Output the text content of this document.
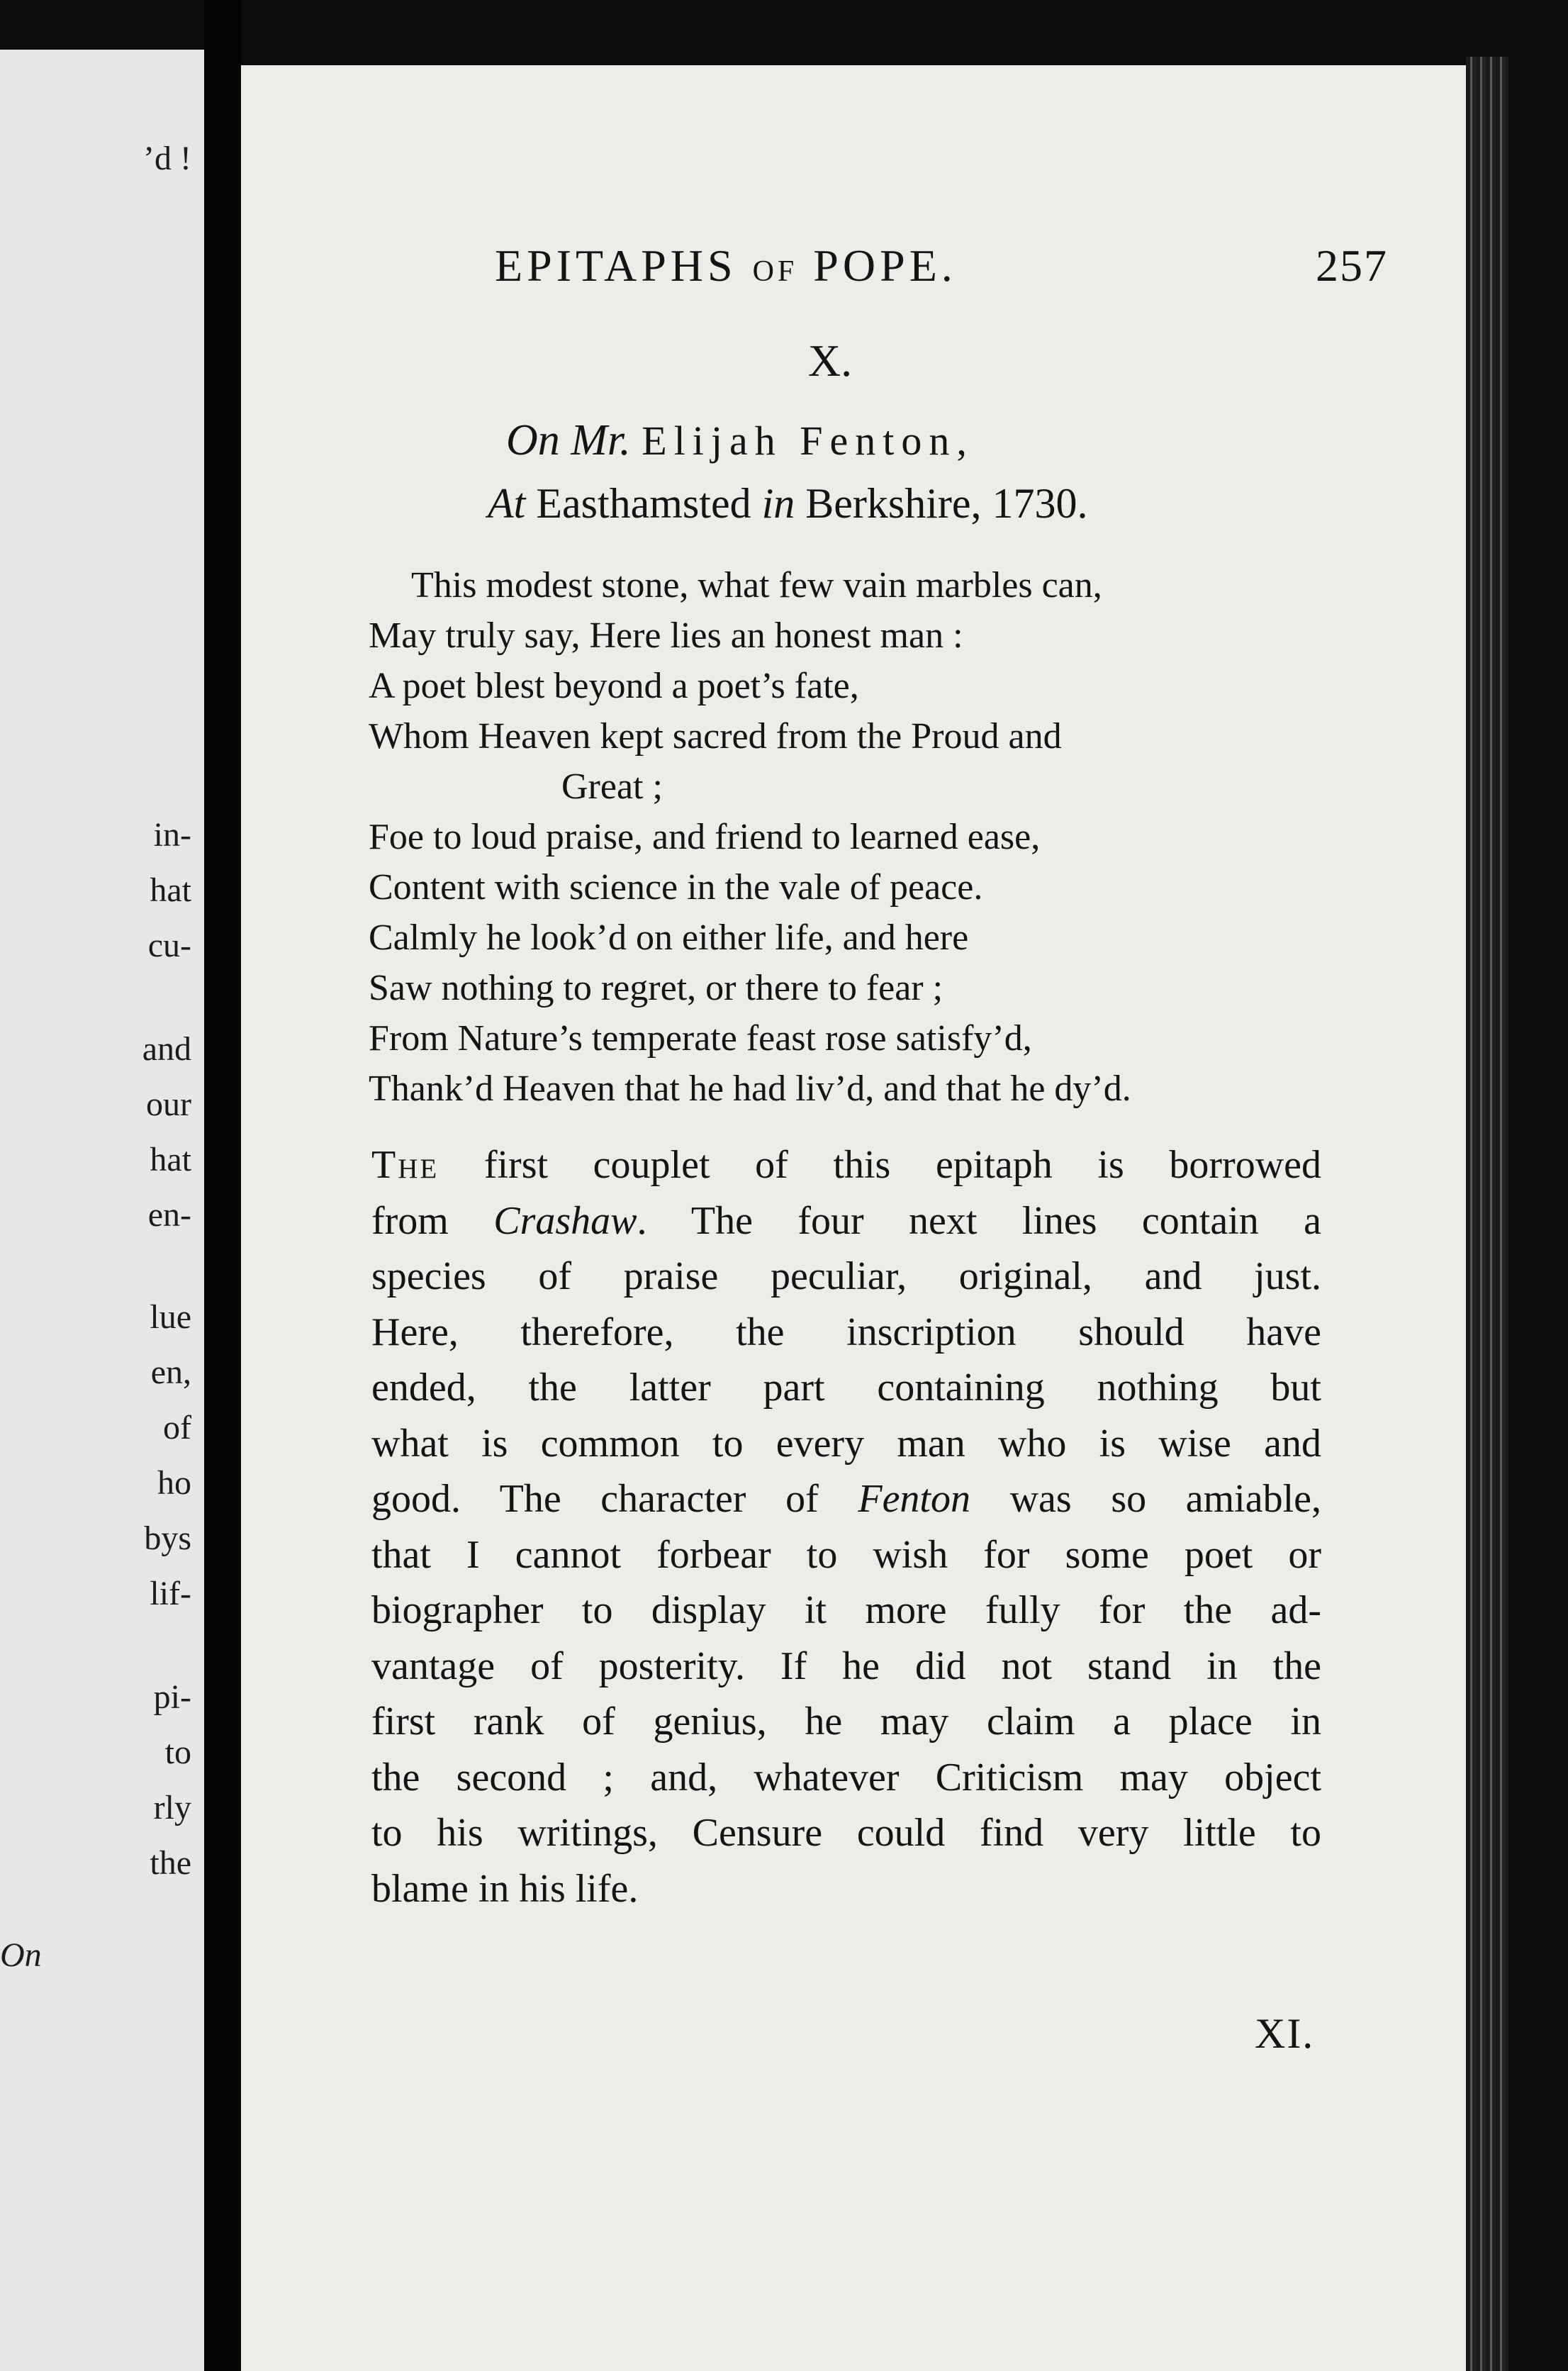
’d !
in-
hat
cu-
and
our
hat
en-
lue
en,
of
ho
bys
lif-
pi-
to
rly
the
On
EPITAPHS OF POPE.	257
X.
On Mr. Elijah Fenton,
At Easthamsted in Berkshire, 1730.
This modest stone, what few vain marbles can,
May truly say, Here lies an honest man :
A poet blest beyond a poet’s fate,
Whom Heaven kept sacred from the Proud and
Great ;
Foe to loud praise, and friend to learned ease,
Content with science in the vale of peace.
Calmly he look’d on either life, and here
Saw nothing to regret, or there to fear ;
From Nature’s temperate feast rose satisfy’d,
Thank’d Heaven that he had liv’d, and that he dy’d.
The first couplet of this epitaph is borrowed
from Crashaw. The four next lines contain a
species of praise peculiar, original, and just.
Here, therefore, the inscription should have
ended, the latter part containing nothing but
what is common to every man who is wise and
good. The character of Fenton was so amiable,
that I cannot forbear to wish for some poet or
biographer to display it more fully for the ad-
vantage of posterity. If he did not stand in the
first rank of genius, he may claim a place in
the second ; and, whatever Criticism may object
to his writings, Censure could find very little to
blame in his life.
XI.
